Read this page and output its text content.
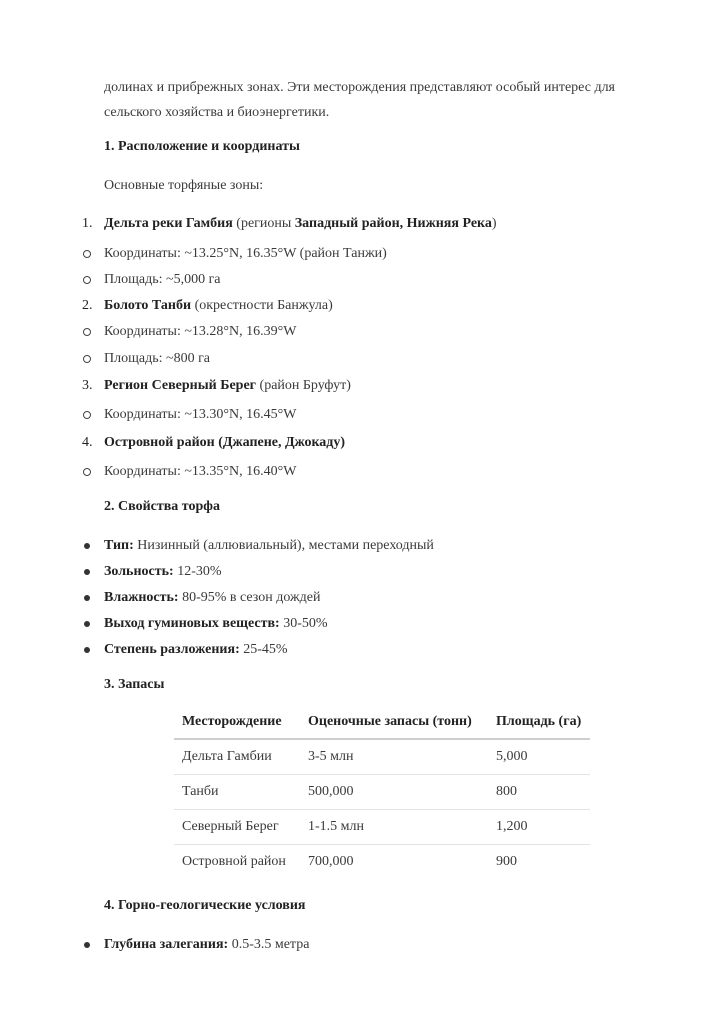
долинах и прибрежных зонах. Эти месторождения представляют особый интерес для
сельского хозяйства и биоэнергетики.
1. Расположение и координаты
Основные торфяные зоны:
1. Дельта реки Гамбия (регионы Западный район, Нижняя Река)
Координаты: ~13.25°N, 16.35°W (район Танжи)
Площадь: ~5,000 га
2. Болото Танби (окрестности Банжула)
Координаты: ~13.28°N, 16.39°W
Площадь: ~800 га
3. Регион Северный Берег (район Бруфут)
Координаты: ~13.30°N, 16.45°W
4. Островной район (Джапене, Джокаду)
Координаты: ~13.35°N, 16.40°W
2. Свойства торфа
Тип: Низинный (аллювиальный), местами переходный
Зольность: 12-30%
Влажность: 80-95% в сезон дождей
Выход гуминовых веществ: 30-50%
Степень разложения: 25-45%
3. Запасы
Месторождение	Оценочные запасы (тонн)	Площадь (га)
Дельта Гамбии	3-5 млн	5,000
Танби	500,000	800
Северный Берег	1-1.5 млн	1,200
Островной район	700,000	900
4. Горно-геологические условия
Глубина залегания: 0.5-3.5 метра
